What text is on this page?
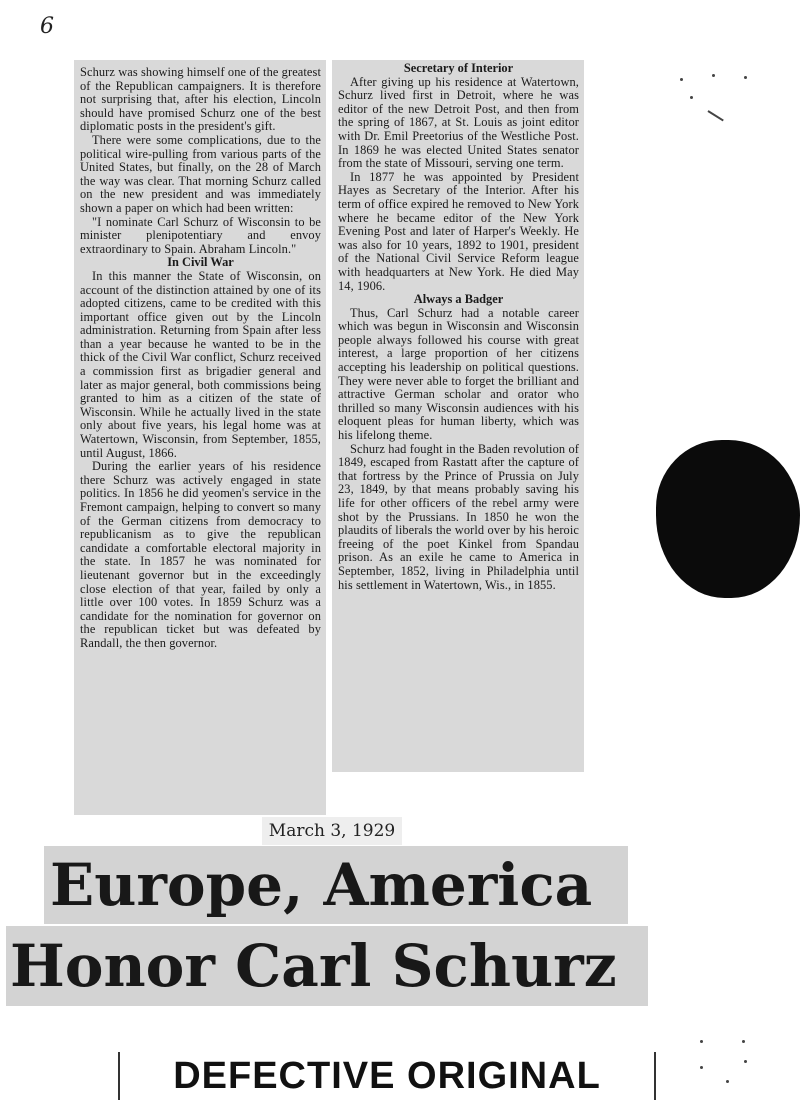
6

Schurz was showing himself one of the greatest of the Republican campaigners. It is therefore not surprising that, after his election, Lincoln should have promised Schurz one of the best diplomatic posts in the president's gift.

There were some complications, due to the political wire-pulling from various parts of the United States, but finally, on the 28 of March the way was clear. That morning Schurz called on the new president and was immediately shown a paper on which had been written:

"I nominate Carl Schurz of Wisconsin to be minister plenipotentiary and envoy extraordinary to Spain. Abraham Lincoln."

In Civil War

In this manner the State of Wisconsin, on account of the distinction attained by one of its adopted citizens, came to be credited with this important office given out by the Lincoln administration. Returning from Spain after less than a year because he wanted to be in the thick of the Civil War conflict, Schurz received a commission first as brigadier general and later as major general, both commissions being granted to him as a citizen of the state of Wisconsin. While he actually lived in the state only about five years, his legal home was at Watertown, Wisconsin, from September, 1855, until August, 1866.

During the earlier years of his residence there Schurz was actively engaged in state politics. In 1856 he did yeomen's service in the Fremont campaign, helping to convert so many of the German citizens from democracy to republicanism as to give the republican candidate a comfortable electoral majority in the state. In 1857 he was nominated for lieutenant governor but in the exceedingly close election of that year, failed by only a little over 100 votes. In 1859 Schurz was a candidate for the nomination for governor on the republican ticket but was defeated by Randall, the then governor.

Secretary of Interior

After giving up his residence at Watertown, Schurz lived first in Detroit, where he was editor of the new Detroit Post, and then from the spring of 1867, at St. Louis as joint editor with Dr. Emil Preetorius of the Westliche Post. In 1869 he was elected United States senator from the state of Missouri, serving one term.

In 1877 he was appointed by President Hayes as Secretary of the Interior. After his term of office expired he removed to New York where he became editor of the New York Evening Post and later of Harper's Weekly. He was also for 10 years, 1892 to 1901, president of the National Civil Service Reform league with headquarters at New York. He died May 14, 1906.

Always a Badger

Thus, Carl Schurz had a notable career which was begun in Wisconsin and Wisconsin people always followed his course with great interest, a large proportion of her citizens accepting his leadership on political questions. They were never able to forget the brilliant and attractive German scholar and orator who thrilled so many Wisconsin audiences with his eloquent pleas for human liberty, which was his lifelong theme.

Schurz had fought in the Baden revolution of 1849, escaped from Rastatt after the capture of that fortress by the Prince of Prussia on July 23, 1849, by that means probably saving his life for other officers of the rebel army were shot by the Prussians. In 1850 he won the plaudits of liberals the world over by his heroic freeing of the poet Kinkel from Spandau prison. As an exile he came to America in September, 1852, living in Philadelphia until his settlement in Watertown, Wis., in 1855.

March 3, 1929
Europe, America
Honor Carl Schurz
DEFECTIVE ORIGINAL
